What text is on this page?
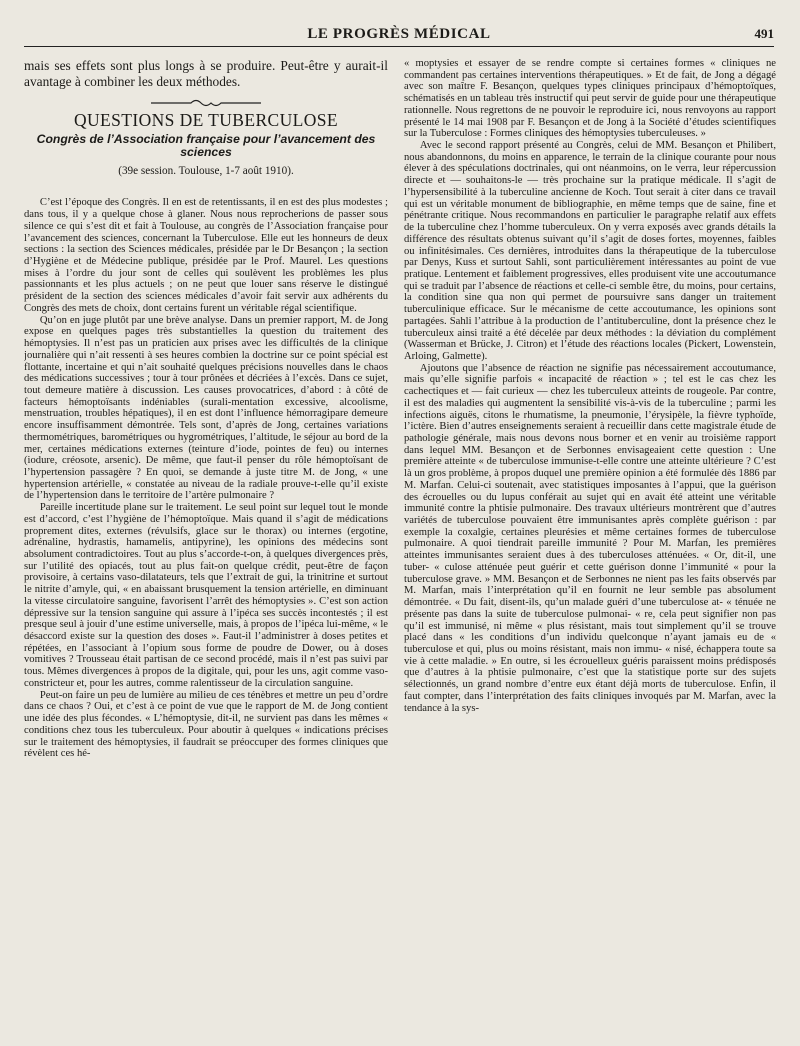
LE PROGRÈS MÉDICAL	491

mais ses effets sont plus longs à se produire. Peut-être y aurait-il avantage à combiner les deux méthodes.

QUESTIONS DE TUBERCULOSE
Congrès de l’Association française pour l’avancement des sciences
(39e session. Toulouse, 1-7 août 1910).

C’est l’époque des Congrès. Il en est de retentissants, il en est des plus modestes ; dans tous, il y a quelque chose à glaner. Nous nous reprocherions de passer sous silence ce qui s’est dit et fait à Toulouse, au congrès de l’Association française pour l’avancement des sciences, concernant la Tuberculose. Elle eut les honneurs de deux sections : la section des Sciences médicales, présidée par le Dr Besançon ; la section d’Hygiène et de Médecine publique, présidée par le Prof. Maurel. Les questions mises à l’ordre du jour sont de celles qui soulèvent les problèmes les plus passionnants et les plus actuels ; on ne peut que louer sans réserve le distingué président de la section des sciences médicales d’avoir fait servir aux adhérents du Congrès des mets de choix, dont certains furent un véritable régal scientifique.

Qu’on en juge plutôt par une brève analyse. Dans un premier rapport, M. de Jong expose en quelques pages très substantielles la question du traitement des hémoptysies. Il n’est pas un praticien aux prises avec les difficultés de la clinique journalière qui n’ait ressenti à ses heures combien la doctrine sur ce point spécial est flottante, incertaine et qui n’ait souhaité quelques précisions nouvelles dans le chaos des médications successives ; tour à tour prônées et décriées à l’excès. Dans ce sujet, tout demeure matière à discussion. Les causes provocatrices, d’abord : à côté de facteurs hémoptoïsants indéniables (surali-mentation excessive, alcoolisme, menstruation, troubles hépatiques), il en est dont l’influence hémorragipare demeure encore insuffisamment démontrée. Tels sont, d’après de Jong, certaines variations thermométriques, barométriques ou hygrométriques, l’altitude, le séjour au bord de la mer, certaines médications externes (teinture d’iode, pointes de feu) ou internes (iodure, créosote, arsenic). De même, que faut-il penser du rôle hémoptoïsant de l’hypertension passagère ? En quoi, se demande à juste titre M. de Jong, « une hypertension artérielle, « constatée au niveau de la radiale prouve-t-elle qu’il existe de l’hypertension dans le territoire de l’artère pulmonaire ?

Pareille incertitude plane sur le traitement. Le seul point sur lequel tout le monde est d’accord, c’est l’hygiène de l’hémoptoïque. Mais quand il s’agit de médications proprement dites, externes (révulsifs, glace sur le thorax) ou internes (ergotine, adrénaline, hydrastis, hamamelis, antipyrine), les opinions des médecins sont absolument contradictoires. Tout au plus s’accorde-t-on, à quelques divergences près, sur l’utilité des opiacés, tout au plus fait-on quelque crédit, peut-être de façon provisoire, à certains vaso-dilatateurs, tels que l’extrait de gui, la trinitrine et surtout le nitrite d’amyle, qui, « en abaissant brusquement la tension artérielle, en diminuant la vitesse circulatoire sanguine, favorisent l’arrêt des hémoptysies ». C’est son action dépressive sur la tension sanguine qui assure à l’ipéca ses succès incontestés ; il est presque seul à jouir d’une estime universelle, mais, à propos de l’ipéca lui-même, « le désaccord existe sur la question des doses ». Faut-il l’administrer à doses petites et répétées, en l’associant à l’opium sous forme de poudre de Dower, ou à doses vomitives ? Trousseau était partisan de ce second procédé, mais il n’est pas suivi par tous. Mêmes divergences à propos de la digitale, qui, pour les uns, agit comme vaso-constricteur et, pour les autres, comme ralentisseur de la circulation sanguine.

Peut-on faire un peu de lumière au milieu de ces ténèbres et mettre un peu d’ordre dans ce chaos ? Oui, et c’est à ce point de vue que le rapport de M. de Jong contient une idée des plus fécondes. « L’hémoptysie, dit-il, ne survient pas dans les mêmes « conditions chez tous les tuberculeux. Pour aboutir à quelques « indications précises sur le traitement des hémoptysies, il faudrait se préoccuper des formes cliniques que révèlent ces hé-

« moptysies et essayer de se rendre compte si certaines formes « cliniques ne commandent pas certaines interventions thérapeutiques. » Et de fait, de Jong a dégagé avec son maître F. Besançon, quelques types cliniques principaux d’hémoptoïques, schématisés en un tableau très instructif qui peut servir de guide pour une thérapeutique rationnelle. Nous regrettons de ne pouvoir le reproduire ici, nous renvoyons au rapport présenté le 14 mai 1908 par F. Besançon et de Jong à la Société d’études scientifiques sur la Tuberculose : Formes cliniques des hémoptysies tuberculeuses. »

Avec le second rapport présenté au Congrès, celui de MM. Besançon et Philibert, nous abandonnons, du moins en apparence, le terrain de la clinique courante pour nous élever à des spéculations doctrinales, qui ont néanmoins, on le verra, leur répercussion directe et — souhaitons-le — très prochaine sur la pratique médicale. Il s’agit de l’hypersensibilité à la tuberculine ancienne de Koch. Tout serait à citer dans ce travail qui est un véritable monument de bibliographie, en même temps que de saine, fine et pénétrante critique. Nous recommandons en particulier le paragraphe relatif aux effets de la tuberculine chez l’homme tuberculeux. On y verra exposés avec grands détails la différence des résultats obtenus suivant qu’il s’agit de doses fortes, moyennes, faibles ou infinitésimales. Ces dernières, introduites dans la thérapeutique de la tuberculose par Denys, Kuss et surtout Sahli, sont particulièrement intéressantes au point de vue pratique. Lentement et faiblement progressives, elles produisent vite une accoutumance qui se traduit par l’absence de réactions et celle-ci semble être, du moins, pour certains, la condition sine qua non qui permet de poursuivre sans danger un traitement tuberculinique efficace. Sur le mécanisme de cette accoutumance, les opinions sont partagées. Sahli l’attribue à la production de l’antituberculine, dont la présence chez le tuberculeux ainsi traité a été décelée par deux méthodes : la déviation du complément (Wasserman et Brücke, J. Citron) et l’étude des réactions locales (Pickert, Lowenstein, Arloing, Galmette).

Ajoutons que l’absence de réaction ne signifie pas nécessairement accoutumance, mais qu’elle signifie parfois « incapacité de réaction » ; tel est le cas chez les cachectiques et — fait curieux — chez les tuberculeux atteints de rougeole. Par contre, il est des maladies qui augmentent la sensibilité vis-à-vis de la tuberculine ; parmi les infections aiguës, citons le rhumatisme, la pneumonie, l’érysipèle, la fièvre typhoïde, l’ictère. Bien d’autres enseignements seraient à recueillir dans cette magistrale étude de pathologie générale, mais nous devons nous borner et en venir au troisième rapport dans lequel MM. Besançon et de Serbonnes envisageaient cette question : Une première atteinte « de tuberculose immunise-t-elle contre une atteinte ultérieure ? C’est là un gros problème, à propos duquel une première opinion a été formulée dès 1886 par M. Marfan. Celui-ci soutenait, avec statistiques imposantes à l’appui, que la guérison des écrouelles ou du lupus conférait au sujet qui en avait été atteint une véritable immunité contre la phtisie pulmonaire. Des travaux ultérieurs montrèrent que d’autres variétés de tuberculose pouvaient être immunisantes après complète guérison : par exemple la coxalgie, certaines pleurésies et même certaines formes de tuberculose pulmonaire. A quoi tiendrait pareille immunité ? Pour M. Marfan, les premières atteintes immunisantes seraient dues à des tuberculoses atténuées. « Or, dit-il, une tuber- « culose atténuée peut guérir et cette guérison donne l’immunité « pour la tuberculose grave. » MM. Besançon et de Serbonnes ne nient pas les faits observés par M. Marfan, mais l’interprétation qu’il en fournit ne leur semble pas absolument démontrée. « Du fait, disent-ils, qu’un malade guéri d’une tuberculose at- « ténuée ne présente pas dans la suite de tuberculose pulmonai- « re, cela peut signifier non pas qu’il est immunisé, ni même « plus résistant, mais tout simplement qu’il se trouve placé dans « les conditions d’un individu quelconque n’ayant jamais eu de « tuberculose et qui, plus ou moins résistant, mais non immu- « nisé, échappera toute sa vie à cette maladie. » En outre, si les écrouelleux guéris paraissent moins prédisposés que d’autres à la phtisie pulmonaire, c’est que la statistique porte sur des sujets sélectionnés, un grand nombre d’entre eux étant déjà morts de tuberculose. Enfin, il faut compter, dans l’interprétation des faits cliniques invoqués par M. Marfan, avec la tendance à la sys-
